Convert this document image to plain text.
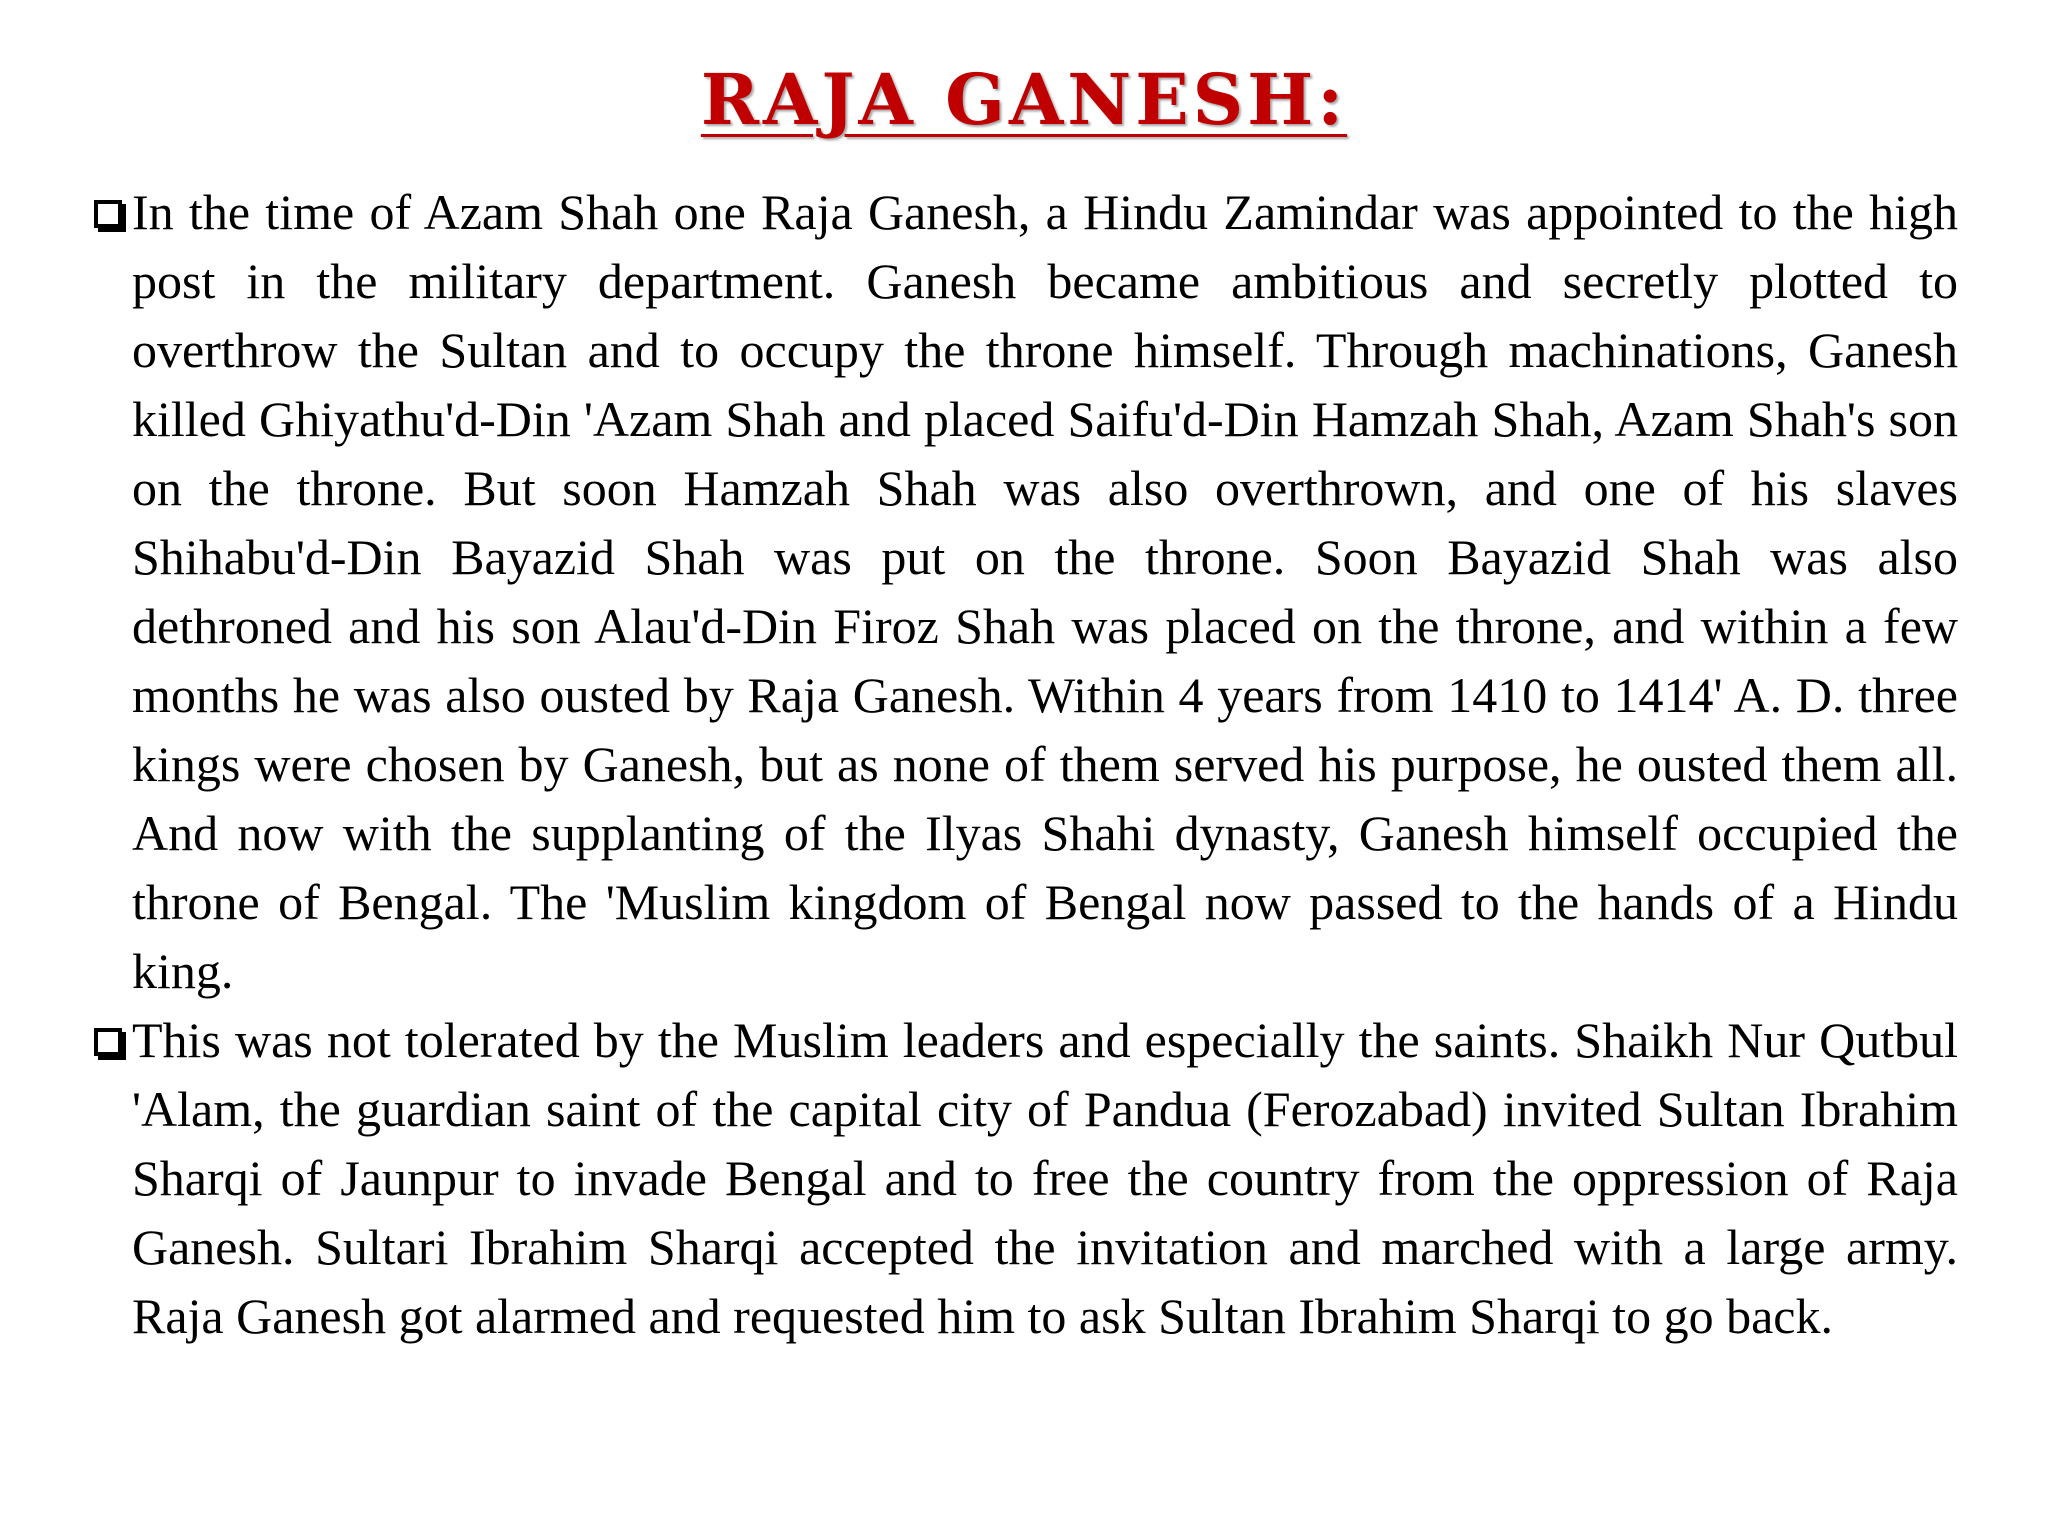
RAJA GANESH:
In the time of Azam Shah one Raja Ganesh, a Hindu Zamindar was appointed to the high post in the military department. Ganesh became ambitious and secretly plotted to overthrow the Sultan and to occupy the throne himself. Through machinations, Ganesh killed Ghiyathu'd-Din 'Azam Shah and placed Saifu'd-Din Hamzah Shah, Azam Shah's son on the throne. But soon Hamzah Shah was also overthrown, and one of his slaves Shihabu'd-Din Bayazid Shah was put on the throne. Soon Bayazid Shah was also dethroned and his son Alau'd-Din Firoz Shah was placed on the throne, and within a few months he was also ousted by Raja Ganesh. Within 4 years from 1410 to 1414' A. D. three kings were chosen by Ganesh, but as none of them served his purpose, he ousted them all. And now with the supplanting of the Ilyas Shahi dynasty, Ganesh himself occupied the throne of Bengal. The 'Muslim kingdom of Bengal now passed to the hands of a Hindu king.
This was not tolerated by the Muslim leaders and especially the saints. Shaikh Nur Qutbul 'Alam, the guardian saint of the capital city of Pandua (Ferozabad) invited Sultan Ibrahim Sharqi of Jaunpur to invade Bengal and to free the country from the oppression of Raja Ganesh. Sultari Ibrahim Sharqi accepted the invitation and marched with a large army. Raja Ganesh got alarmed and requested him to ask Sultan Ibrahim Sharqi to go back.
